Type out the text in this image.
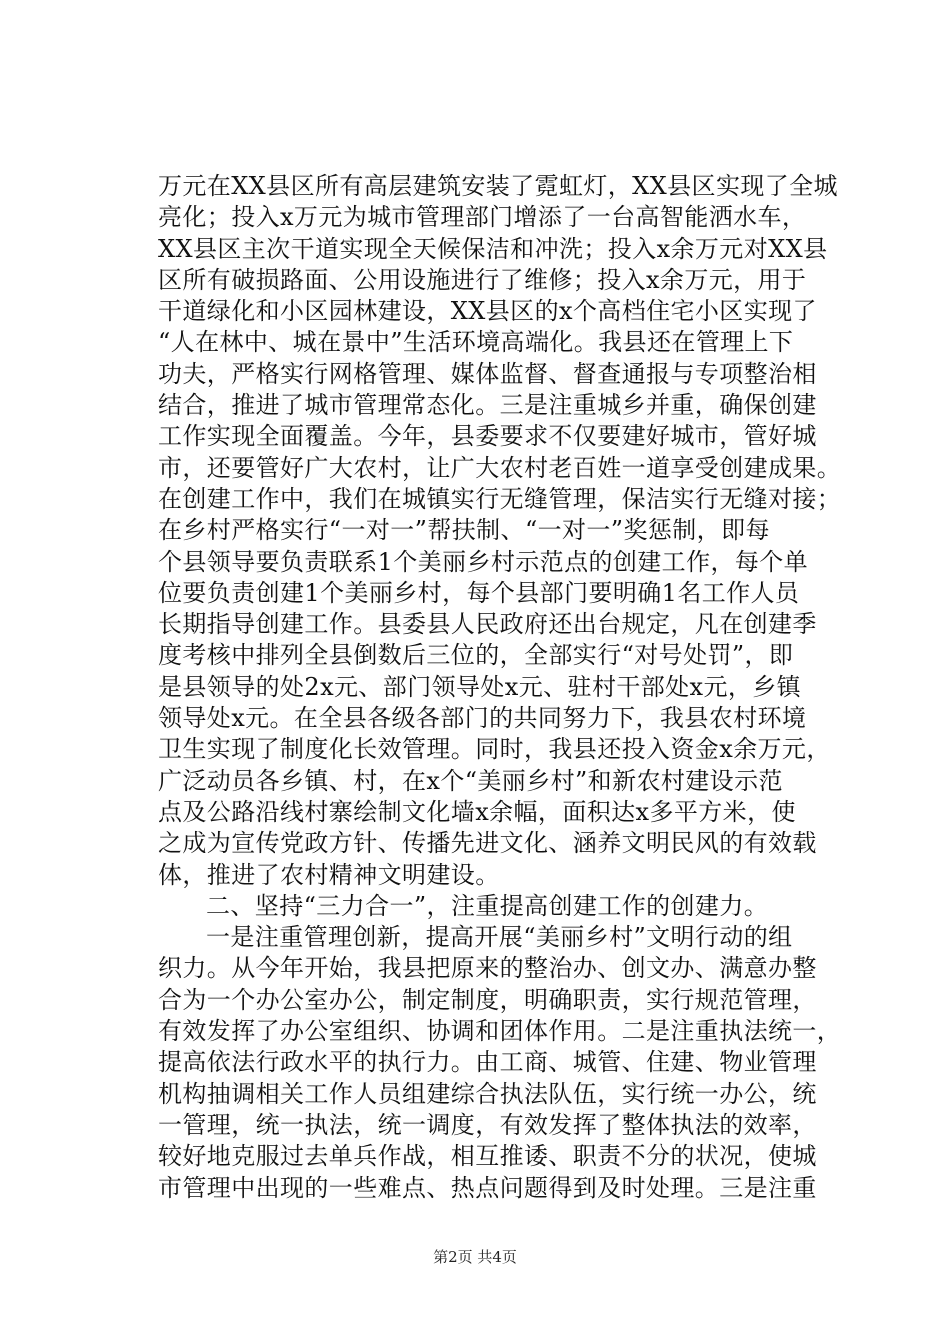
万元在XX县区所有高层建筑安装了霓虹灯，XX县区实现了全城
亮化；投入x万元为城市管理部门增添了一台高智能洒水车，
XX县区主次干道实现全天候保洁和冲洗；投入x余万元对XX县
区所有破损路面、公用设施进行了维修；投入x余万元，用于
干道绿化和小区园林建设，XX县区的x个高档住宅小区实现了
“人在林中、城在景中”生活环境高端化。我县还在管理上下
功夫，严格实行网格管理、媒体监督、督查通报与专项整治相
结合，推进了城市管理常态化。三是注重城乡并重，确保创建
工作实现全面覆盖。今年，县委要求不仅要建好城市，管好城
市，还要管好广大农村，让广大农村老百姓一道享受创建成果。
在创建工作中，我们在城镇实行无缝管理，保洁实行无缝对接；
在乡村严格实行“一对一”帮扶制、“一对一”奖惩制，即每
个县领导要负责联系1个美丽乡村示范点的创建工作，每个单
位要负责创建1个美丽乡村，每个县部门要明确1名工作人员
长期指导创建工作。县委县人民政府还出台规定，凡在创建季
度考核中排列全县倒数后三位的，全部实行“对号处罚”，即
是县领导的处2x元、部门领导处x元、驻村干部处x元，乡镇
领导处x元。在全县各级各部门的共同努力下，我县农村环境
卫生实现了制度化长效管理。同时，我县还投入资金x余万元，
广泛动员各乡镇、村，在x个“美丽乡村”和新农村建设示范
点及公路沿线村寨绘制文化墙x余幅，面积达x多平方米，使
之成为宣传党政方针、传播先进文化、涵养文明民风的有效载
体，推进了农村精神文明建设。
二、坚持“三力合一”，注重提高创建工作的创建力。
一是注重管理创新，提高开展“美丽乡村”文明行动的组
织力。从今年开始，我县把原来的整治办、创文办、满意办整
合为一个办公室办公，制定制度，明确职责，实行规范管理，
有效发挥了办公室组织、协调和团体作用。二是注重执法统一，
提高依法行政水平的执行力。由工商、城管、住建、物业管理
机构抽调相关工作人员组建综合执法队伍，实行统一办公，统
一管理，统一执法，统一调度，有效发挥了整体执法的效率，
较好地克服过去单兵作战，相互推诿、职责不分的状况，使城
市管理中出现的一些难点、热点问题得到及时处理。三是注重
第2页 共4页
